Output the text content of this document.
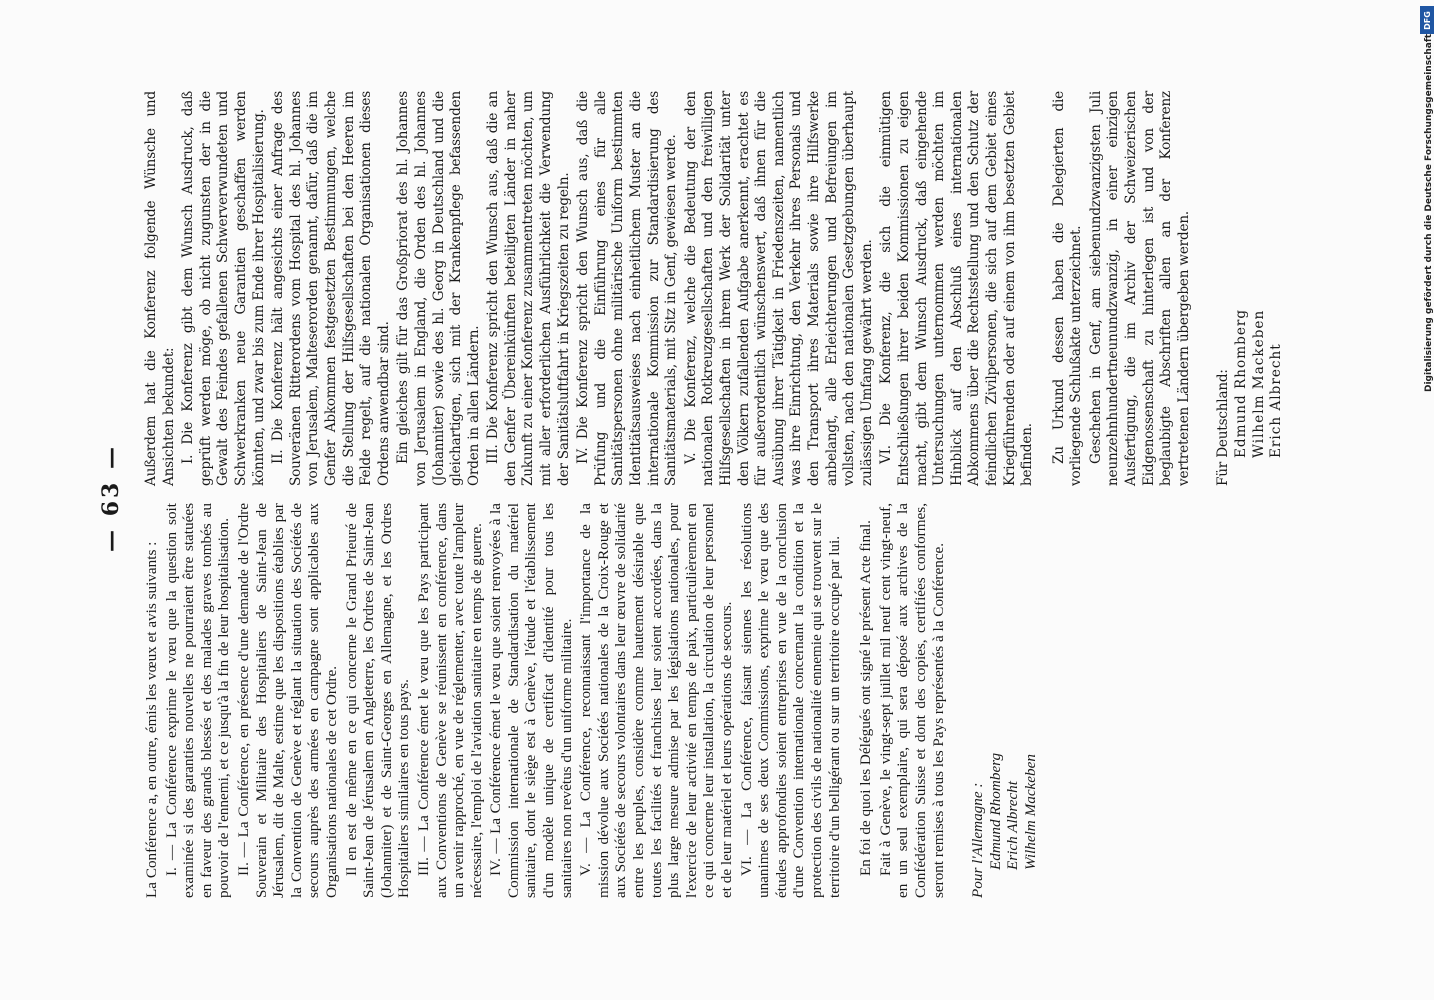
— 63 —

La Conférence a, en outre, émis les vœux et avis suivants : I. — La Conférence exprime le vœu que la question soit examinée si des garanties nouvelles ne pourraient être statuées en faveur des grands blessés et des malades graves tombés au pouvoir de l'ennemi, et ce jusqu'à la fin de leur hospitalisation. II. — La Conférence, en présence d'une demande de l'Ordre Souverain et Militaire des Hospitaliers de Saint-Jean de Jérusalem, dit de Malte, estime que les dispositions établies par la Convention de Genève et réglant la situation des Sociétés de secours auprès des armées en campagne sont applicables aux Organisations nationales de cet Ordre. Il en est de même en ce qui concerne le Grand Prieuré de Saint-Jean de Jérusalem en Angleterre, les Ordres de Saint-Jean (Johanniter) et de Saint-Georges en Allemagne, et les Ordres Hospitaliers similaires en tous pays. III. — La Conférence émet le vœu que les Pays participant aux Conventions de Genève se réunissent en conférence, dans un avenir rapproché, en vue de réglementer, avec toute l'ampleur nécessaire, l'emploi de l'aviation sanitaire en temps de guerre. IV. — La Conférence émet le vœu que soient renvoyées à la Commission internationale de Standardisation du matériel sanitaire, dont le siège est à Genève, l'étude et l'établissement d'un modèle unique de certificat d'identité pour tous les sanitaires non revêtus d'un uniforme militaire. V. — La Conférence, reconnaissant l'importance de la mission dévolue aux Sociétés nationales de la Croix-Rouge et aux Sociétés de secours volontaires dans leur œuvre de solidarité entre les peuples, considère comme hautement désirable que toutes les facilités et franchises leur soient accordées, dans la plus large mesure admise par les législations nationales, pour l'exercice de leur activité en temps de paix, particulièrement en ce qui concerne leur installation, la circulation de leur personnel et de leur matériel et leurs opérations de secours. VI. — La Conférence, faisant siennes les résolutions unanimes de ses deux Commissions, exprime le vœu que des études approfondies soient entreprises en vue de la conclusion d'une Convention internationale concernant la condition et la protection des civils de nationalité ennemie qui se trouvent sur le territoire d'un belligérant ou sur un territoire occupé par lui. En foi de quoi les Délégués ont signé le présent Acte final. Fait à Genève, le vingt-sept juillet mil neuf cent vingt-neuf, en un seul exemplaire, qui sera déposé aux archives de la Confédération Suisse et dont des copies, certifiées conformes, seront remises à tous les Pays représentés à la Conférence. Pour l'Allemagne : Edmund Rhomberg Erich Albrecht Wilhelm Mackeben

Außerdem hat die Konferenz folgende Wünsche und Ansichten bekundet: I. Die Konferenz gibt dem Wunsch Ausdruck, daß geprüft werden möge, ob nicht zugunsten der in die Gewalt des Feindes gefallenen Schwerverwundeten und Schwerkranken neue Garantien geschaffen werden könnten, und zwar bis zum Ende ihrer Hospitalisierung. II. Die Konferenz hält angesichts einer Anfrage des Souveränen Ritterordens vom Hospital des hl. Johannes von Jerusalem, Malteserorden genannt, dafür, daß die im Genfer Abkommen festgesetzten Bestimmungen, welche die Stellung der Hilfsgesellschaften bei den Heeren im Felde regelt, auf die nationalen Organisationen dieses Ordens anwendbar sind. Ein gleiches gilt für das Großpriorat des hl. Johannes von Jerusalem in England, die Orden des hl. Johannes (Johanniter) sowie des hl. Georg in Deutschland und die gleichartigen, sich mit der Krankenpflege befassenden Orden in allen Ländern. III. Die Konferenz spricht den Wunsch aus, daß die an den Genfer Übereinkünften beteiligten Länder in naher Zukunft zu einer Konferenz zusammentreten möchten, um mit aller erforderlichen Ausführlichkeit die Verwendung der Sanitätsluftfahrt in Kriegszeiten zu regeln. IV. Die Konferenz spricht den Wunsch aus, daß die Prüfung und die Einführung eines für alle Sanitätspersonen ohne militärische Uniform bestimmten Identitätsausweises nach einheitlichem Muster an die internationale Kommission zur Standardisierung des Sanitätsmaterials, mit Sitz in Genf, gewiesen werde. V. Die Konferenz, welche die Bedeutung der den nationalen Rotkreuzgesellschaften und den freiwilligen Hilfsgesellschaften in ihrem Werk der Solidarität unter den Völkern zufallenden Aufgabe anerkennt, erachtet es für außerordentlich wünschenswert, daß ihnen für die Ausübung ihrer Tätigkeit in Friedenszeiten, namentlich was ihre Einrichtung, den Verkehr ihres Personals und den Transport ihres Materials sowie ihre Hilfswerke anbelangt, alle Erleichterungen und Befreiungen im vollsten, nach den nationalen Gesetzgebungen überhaupt zulässigen Umfang gewährt werden. VI. Die Konferenz, die sich die einmütigen Entschließungen ihrer beiden Kommissionen zu eigen macht, gibt dem Wunsch Ausdruck, daß eingehende Untersuchungen unternommen werden möchten im Hinblick auf den Abschluß eines internationalen Abkommens über die Rechtsstellung und den Schutz der feindlichen Zivilpersonen, die sich auf dem Gebiet eines Kriegführenden oder auf einem von ihm besetzten Gebiet befinden. Zu Urkund dessen haben die Delegierten die vorliegende Schlußakte unterzeichnet. Geschehen in Genf, am siebenundzwanzigsten Juli neunzehnhundertneunundzwanzig, in einer einzigen Ausfertigung, die im Archiv der Schweizerischen Eidgenossenschaft zu hinterlegen ist und von der beglaubigte Abschriften allen an der Konferenz vertretenen Ländern übergeben werden. Für Deutschland: Edmund Rhomberg Wilhelm Mackeben Erich Albrecht
DFG
Digitalisierung gefördert durch die Deutsche Forschungsgemeinschaft
